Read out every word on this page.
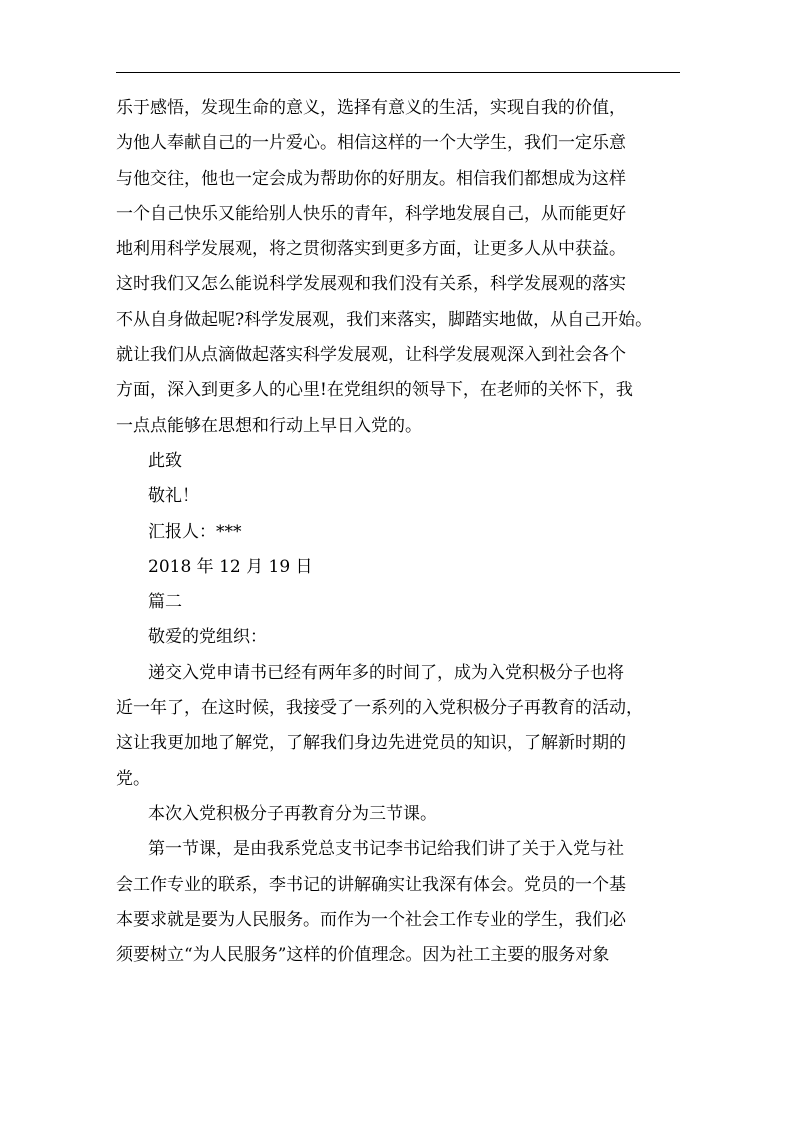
乐于感悟，发现生命的意义，选择有意义的生活，实现自我的价值，
为他人奉献自己的一片爱心。相信这样的一个大学生，我们一定乐意
与他交往，他也一定会成为帮助你的好朋友。相信我们都想成为这样
一个自己快乐又能给别人快乐的青年，科学地发展自己，从而能更好
地利用科学发展观，将之贯彻落实到更多方面，让更多人从中获益。
这时我们又怎么能说科学发展观和我们没有关系，科学发展观的落实
不从自身做起呢?科学发展观，我们来落实，脚踏实地做，从自己开始。
就让我们从点滴做起落实科学发展观，让科学发展观深入到社会各个
方面，深入到更多人的心里!在党组织的领导下，在老师的关怀下，我
一点点能够在思想和行动上早日入党的。
此致
敬礼！
汇报人：***
2018 年 12 月 19 日
篇二
敬爱的党组织：
递交入党申请书已经有两年多的时间了，成为入党积极分子也将
近一年了，在这时候，我接受了一系列的入党积极分子再教育的活动，
这让我更加地了解党，了解我们身边先进党员的知识，了解新时期的
党。
本次入党积极分子再教育分为三节课。
第一节课，是由我系党总支书记李书记给我们讲了关于入党与社
会工作专业的联系，李书记的讲解确实让我深有体会。党员的一个基
本要求就是要为人民服务。而作为一个社会工作专业的学生，我们必
须要树立“为人民服务”这样的价值理念。因为社工主要的服务对象
